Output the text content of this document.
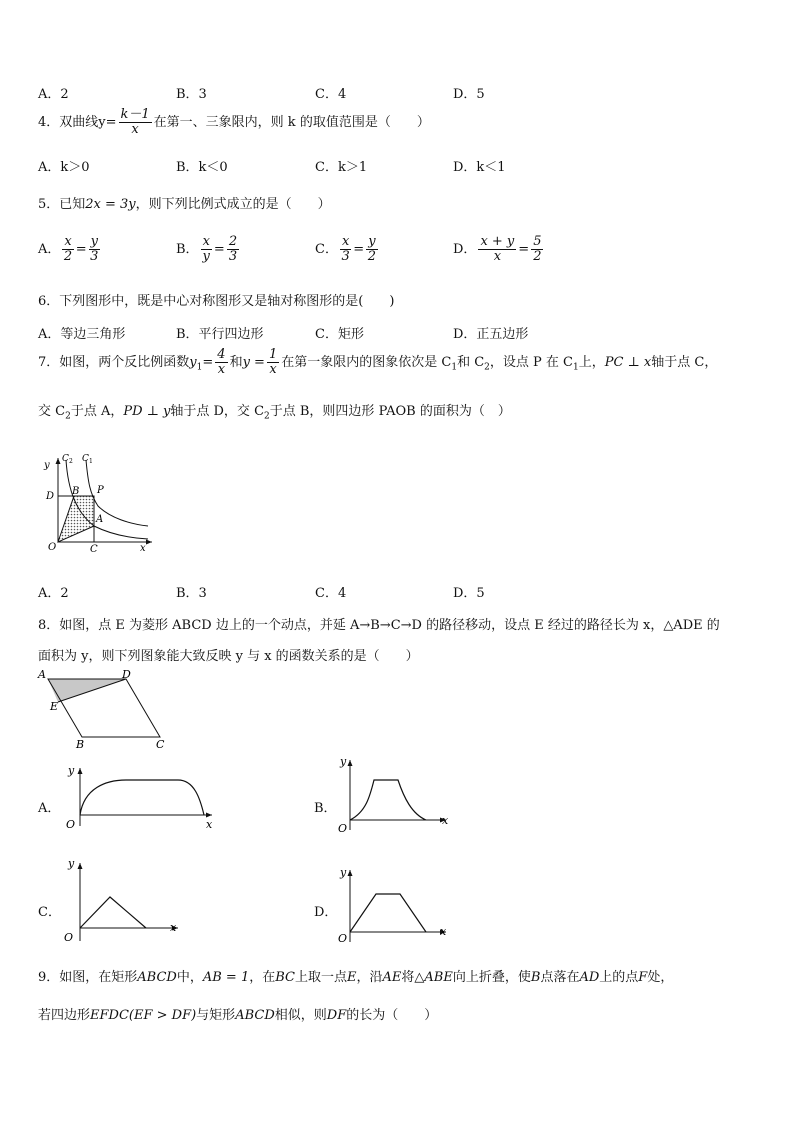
A．2	B．3	C．4	D．5
4．双曲线$y= \frac{k-1}{x}$ 在第一、三象限内，则 k 的取值范围是（　　）
A．k＞0	B．k＜0	C．k＞1	D．k＜1
5．已知2x = 3y，则下列比例式成立的是（　　）
A． $\frac{x}{2} = \frac{y}{3}$	B． $\frac{x}{y} = \frac{2}{3}$	C． $\frac{x}{3} = \frac{y}{2}$	D． $\frac{x + y}{x} = \frac{5}{2}$
6．下列图形中，既是中心对称图形又是轴对称图形的是(　　)
A．等边三角形	B．平行四边形	C．矩形	D．正五边形
7．如图，两个反比例函数$y_1= \frac{4}{x}$ 和$y = \frac{1}{x}$ 在第一象限内的图象依次是 $C_1$和 $C_2$，设点 P 在 $C_1$上，PC ⊥ x轴于点 C，
交 $C_2$于点 A，PD ⊥ y轴于点 D，交 $C_2$于点 B，则四边形 PAOB 的面积为（　）
y
C 2 C 1
D B P
A
O	C	x
A．2	B．3	C．4	D．5
8．如图，点 E 为菱形 ABCD 边上的一个动点，并延 A→B→C→D 的路径移动，设点 E 经过的路径长为 x，△ADE 的
面积为 y，则下列图象能大致反映 y 与 x 的函数关系的是（　　）
A	D
E
B	C
A．
y
O	x
B．
y
O
x
C．
y
O
x
D．
y
O
x
9．如图，在矩形ABCD中，AB = 1，在BC上取一点E，沿AE将△ABE向上折叠，使B点落在AD上的点F处，
若四边形EFDC(EF > DF)与矩形ABCD相似，则DF的长为（　　）
